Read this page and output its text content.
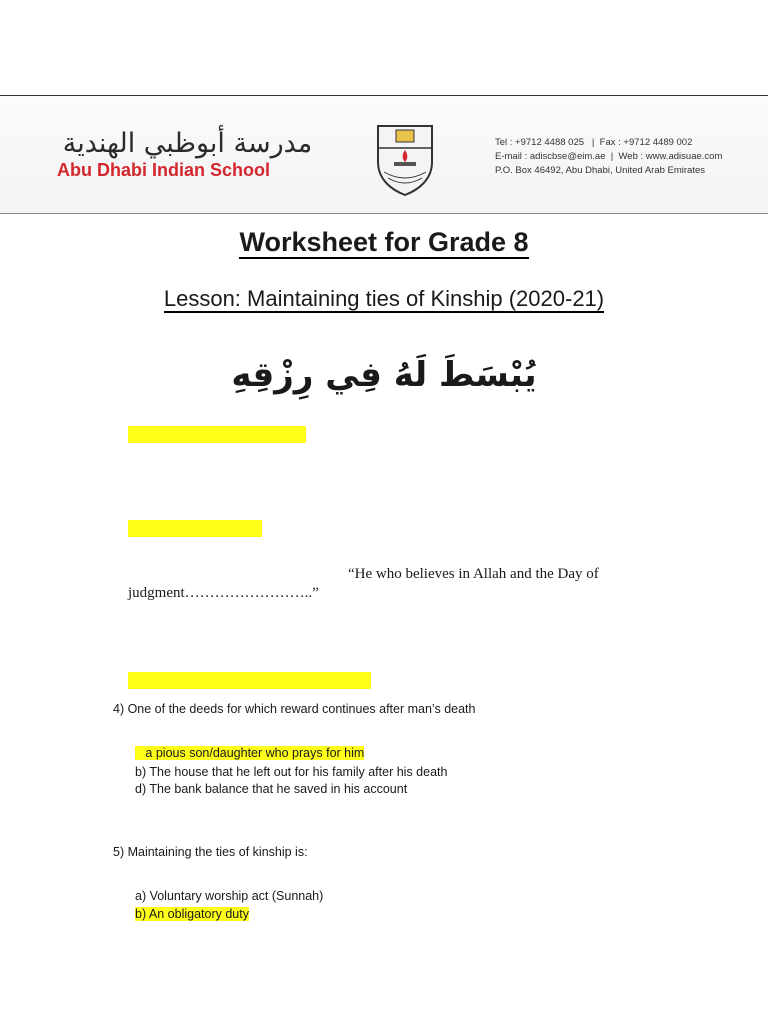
مدرسة أبوظبي الهندية
Abu Dhabi Indian School
Tel : +9712 4488 025   |  Fax : +9712 4489 002
E-mail : adiscbse@eim.ae  |  Web : www.adisuae.com
P.O. Box 46492, Abu Dhabi, United Arab Emirates
Worksheet for Grade 8
Lesson: Maintaining ties of Kinship (2020-21)
يُبْسَطَ لَهُ فِي رِزْقِهِ
“He who believes in Allah and the Day of
judgment……………………..”
4) One of the deeds for which reward continues after man’s death
a pious son/daughter who prays for him
b) The house that he left out for his family after his death
d) The bank balance that he saved in his account
5) Maintaining the ties of kinship is:
a) Voluntary worship act (Sunnah)
b) An obligatory duty
